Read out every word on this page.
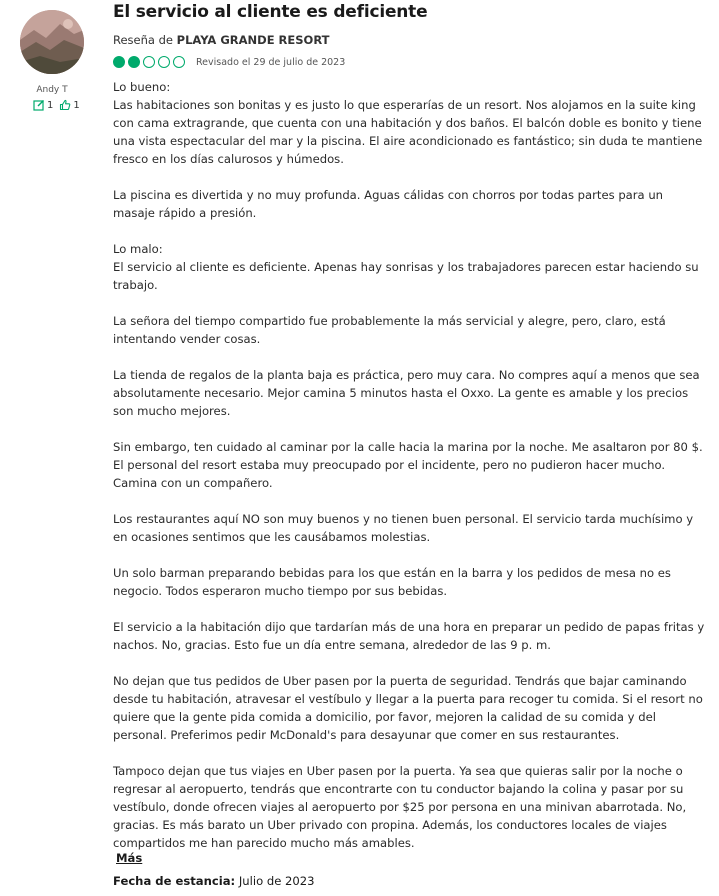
Andy T
1 1
El servicio al cliente es deficiente
Reseña de PLAYA GRANDE RESORT
Revisado el 29 de julio de 2023

Lo bueno:
Las habitaciones son bonitas y es justo lo que esperarías de un resort. Nos alojamos en la suite king con cama extragrande, que cuenta con una habitación y dos baños. El balcón doble es bonito y tiene una vista espectacular del mar y la piscina. El aire acondicionado es fantástico; sin duda te mantiene fresco en los días calurosos y húmedos.

La piscina es divertida y no muy profunda. Aguas cálidas con chorros por todas partes para un masaje rápido a presión.

Lo malo:
El servicio al cliente es deficiente. Apenas hay sonrisas y los trabajadores parecen estar haciendo su trabajo.

La señora del tiempo compartido fue probablemente la más servicial y alegre, pero, claro, está intentando vender cosas.

La tienda de regalos de la planta baja es práctica, pero muy cara. No compres aquí a menos que sea absolutamente necesario. Mejor camina 5 minutos hasta el Oxxo. La gente es amable y los precios son mucho mejores.

Sin embargo, ten cuidado al caminar por la calle hacia la marina por la noche. Me asaltaron por 80 $. El personal del resort estaba muy preocupado por el incidente, pero no pudieron hacer mucho. Camina con un compañero.

Los restaurantes aquí NO son muy buenos y no tienen buen personal. El servicio tarda muchísimo y en ocasiones sentimos que les causábamos molestias.

Un solo barman preparando bebidas para los que están en la barra y los pedidos de mesa no es negocio. Todos esperaron mucho tiempo por sus bebidas.

El servicio a la habitación dijo que tardarían más de una hora en preparar un pedido de papas fritas y nachos. No, gracias. Esto fue un día entre semana, alrededor de las 9 p. m.

No dejan que tus pedidos de Uber pasen por la puerta de seguridad. Tendrás que bajar caminando desde tu habitación, atravesar el vestíbulo y llegar a la puerta para recoger tu comida. Si el resort no quiere que la gente pida comida a domicilio, por favor, mejoren la calidad de su comida y del personal. Preferimos pedir McDonald's para desayunar que comer en sus restaurantes.

Tampoco dejan que tus viajes en Uber pasen por la puerta. Ya sea que quieras salir por la noche o regresar al aeropuerto, tendrás que encontrarte con tu conductor bajando la colina y pasar por su vestíbulo, donde ofrecen viajes al aeropuerto por $25 por persona en una minivan abarrotada. No, gracias. Es más barato un Uber privado con propina. Además, los conductores locales de viajes compartidos me han parecido mucho más amables.

Más
Fecha de estancia: Julio de 2023
